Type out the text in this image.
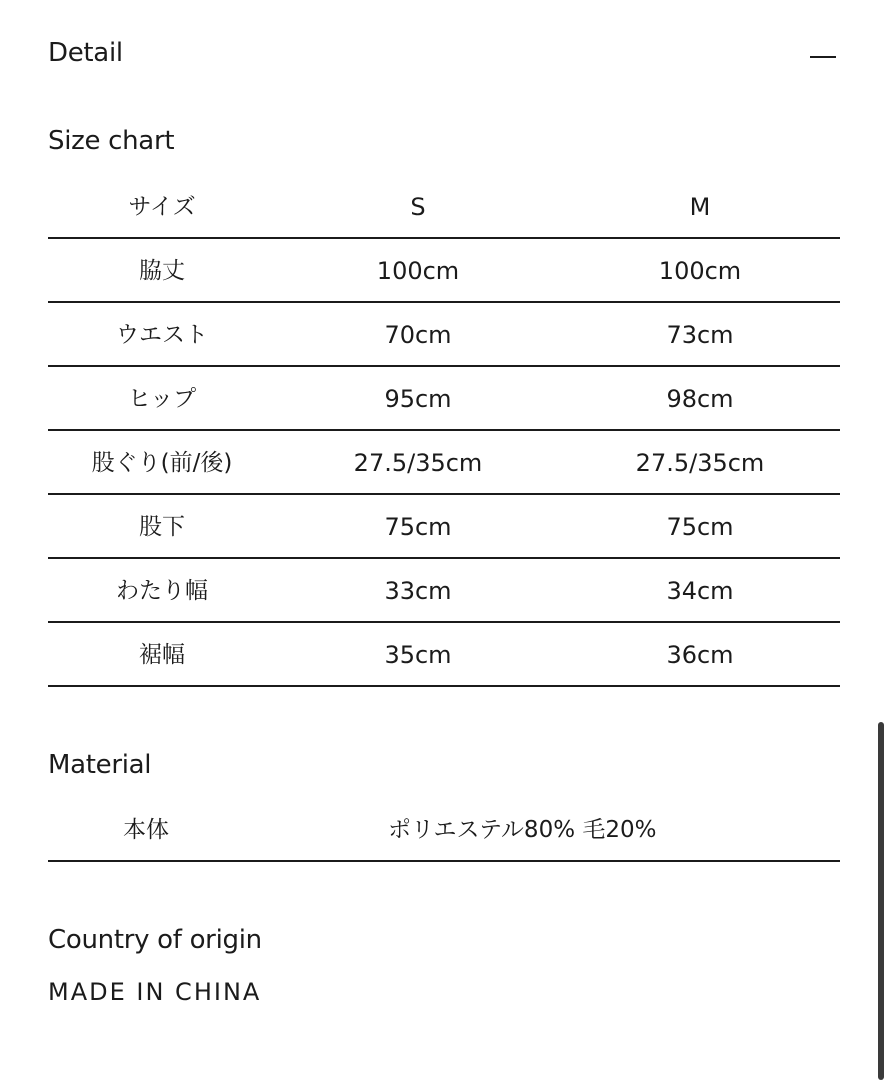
Detail
Size chart
サイズ	S	M
脇丈	100cm	100cm
ウエスト	70cm	73cm
ヒップ	95cm	98cm
股ぐり(前/後)	27.5/35cm	27.5/35cm
股下	75cm	75cm
わたり幅	33cm	34cm
裾幅	35cm	36cm
Material
本体	ポリエステル80% 毛20%
Country of origin
MADE IN CHINA
